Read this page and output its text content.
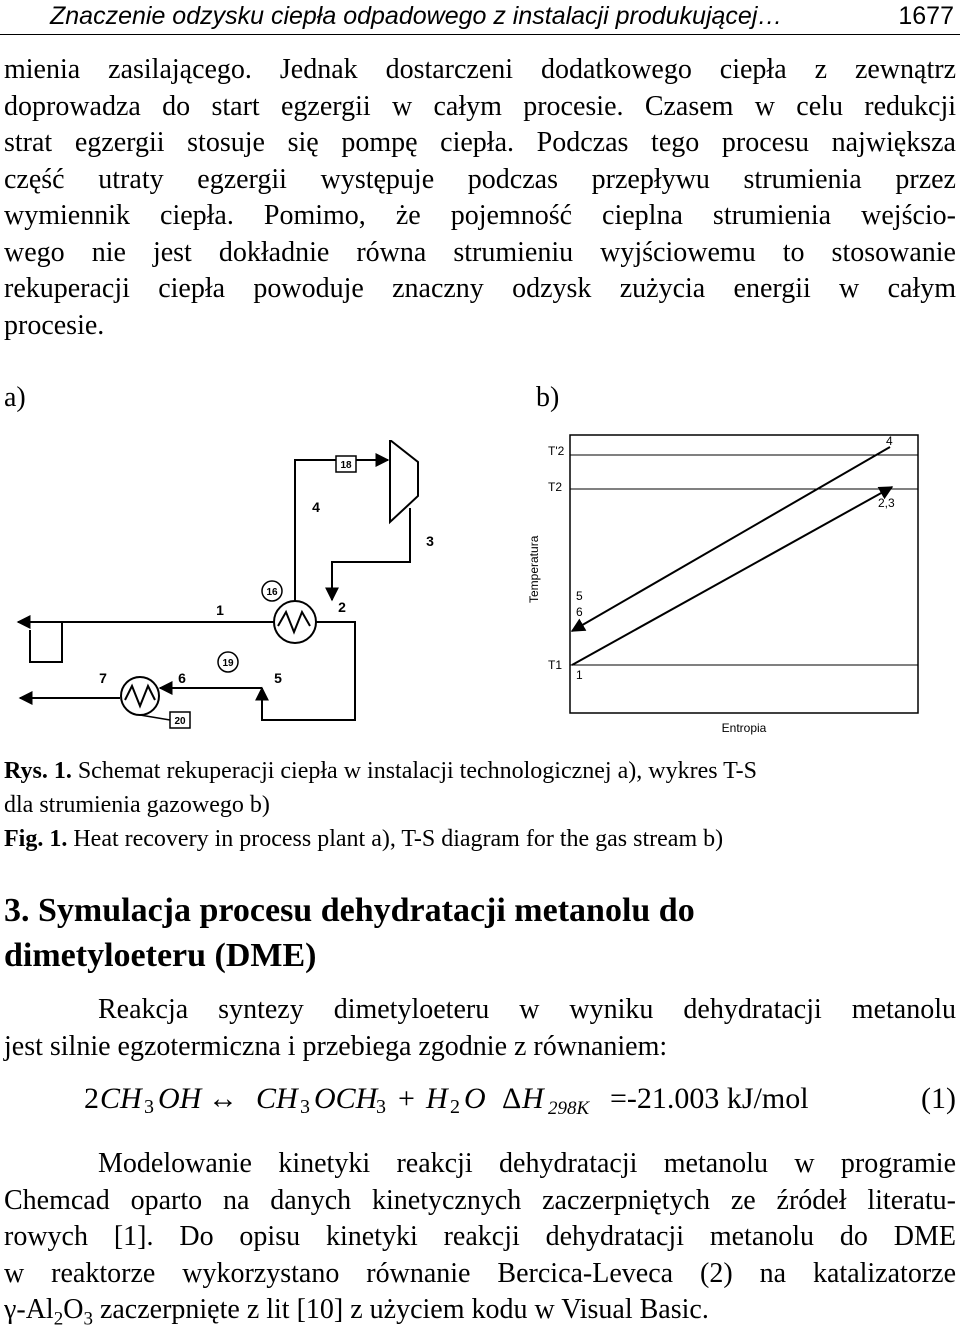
Znaczenie odzysku ciepła odpadowego z instalacji produkującej…	1677
mienia zasilającego. Jednak dostarczeni dodatkowego ciepła z zewnątrz
doprowadza do start egzergii w całym procesie. Czasem w celu redukcji
strat egzergii stosuje się pompę ciepła. Podczas tego procesu największa
część utraty egzergii występuje podczas przepływu strumienia przez
wymiennik ciepła. Pomimo, że pojemność cieplna strumienia wejścio-
wego nie jest dokładnie równa strumieniu wyjściowemu to stosowanie
rekuperacji ciepła powoduje znaczny odzysk zużycia energii w całym
procesie.
a)	b)
18
4
3
16
1	2
19
7	6	5
20
T'2
T2
T1
Temperatura
Entropia
4
2,3
5
6
1
Rys. 1. Schemat rekuperacji ciepła w instalacji technologicznej a), wykres T-S
dla strumienia gazowego b)
Fig. 1. Heat recovery in process plant a), T-S diagram for the gas stream b)
3. Symulacja procesu dehydratacji metanolu do
dimetyloeteru (DME)
Reakcja syntezy dimetyloeteru w wyniku dehydratacji metanolu
jest silnie egzotermiczna i przebiega zgodnie z równaniem:
2 CH 3 OH ↔ CH 3 OCH
3 + H 2 O Δ H 298K =-21.003 kJ/mol	(1)
Modelowanie kinetyki reakcji dehydratacji metanolu w programie
Chemcad oparto na danych kinetycznych zaczerpniętych ze źródeł literatu-
rowych [1]. Do opisu kinetyki reakcji dehydratacji metanolu do DME
w reaktorze wykorzystano równanie Bercica-Leveca (2) na katalizatorze
$\gamma-Al_2O_3$ zaczerpnięte z lit [10] z użyciem kodu w Visual Basic.
